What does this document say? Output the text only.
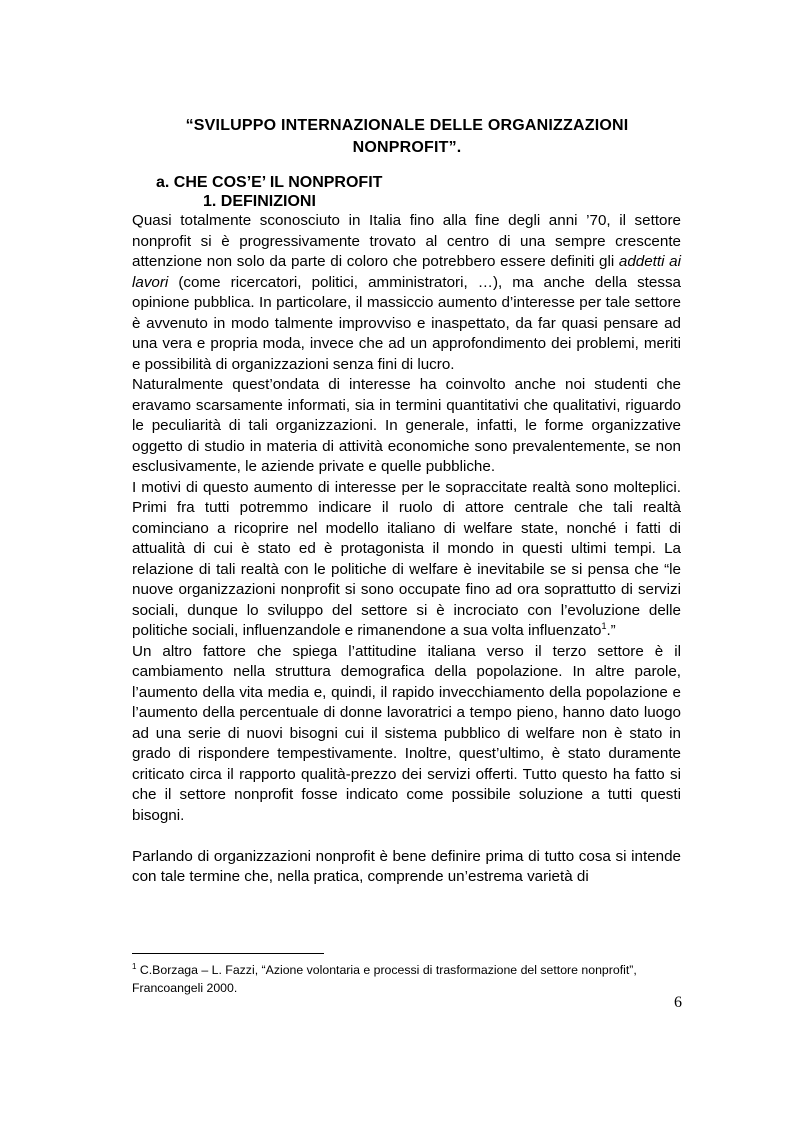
“SVILUPPO INTERNAZIONALE DELLE ORGANIZZAZIONI
NONPROFIT”.
a. CHE COS’E’ IL NONPROFIT
1. DEFINIZIONI

Quasi totalmente sconosciuto in Italia fino alla fine degli anni ’70, il settore nonprofit si è progressivamente trovato al centro di una sempre crescente attenzione non solo da parte di coloro che potrebbero essere definiti gli addetti ai lavori (come ricercatori, politici, amministratori, …), ma anche della stessa opinione pubblica. In particolare, il massiccio aumento d’interesse per tale settore è avvenuto in modo talmente improvviso e inaspettato, da far quasi pensare ad una vera e propria moda, invece che ad un approfondimento dei problemi, meriti e possibilità di organizzazioni senza fini di lucro.

Naturalmente quest’ondata di interesse ha coinvolto anche noi studenti che eravamo scarsamente informati, sia in termini quantitativi che qualitativi, riguardo le peculiarità di tali organizzazioni. In generale, infatti, le forme organizzative oggetto di studio in materia di attività economiche sono prevalentemente, se non esclusivamente, le aziende private e quelle pubbliche.

I motivi di questo aumento di interesse per le sopraccitate realtà sono molteplici. Primi fra tutti potremmo indicare il ruolo di attore centrale che tali realtà cominciano a ricoprire nel modello italiano di welfare state, nonché i fatti di attualità di cui è stato ed è protagonista il mondo in questi ultimi tempi. La relazione di tali realtà con le politiche di welfare è inevitabile se si pensa che “le nuove organizzazioni nonprofit si sono occupate fino ad ora soprattutto di servizi sociali, dunque lo sviluppo del settore si è incrociato con l’evoluzione delle politiche sociali, influenzandole e rimanendone a sua volta influenzato$^1$.”

Un altro fattore che spiega l’attitudine italiana verso il terzo settore è il cambiamento nella struttura demografica della popolazione. In altre parole, l’aumento della vita media e, quindi, il rapido invecchiamento della popolazione e l’aumento della percentuale di donne lavoratrici a tempo pieno, hanno dato luogo ad una serie di nuovi bisogni cui il sistema pubblico di welfare non è stato in grado di rispondere tempestivamente. Inoltre, quest’ultimo, è stato duramente criticato circa il rapporto qualità-prezzo dei servizi offerti. Tutto questo ha fatto si che il settore nonprofit fosse indicato come possibile soluzione a tutti questi bisogni.

Parlando di organizzazioni nonprofit è bene definire prima di tutto cosa si intende con tale termine che, nella pratica, comprende un’estrema varietà di

$^1$ C.Borzaga – L. Fazzi, “Azione volontaria e processi di trasformazione del settore nonprofit”, Francoangeli 2000.
6
